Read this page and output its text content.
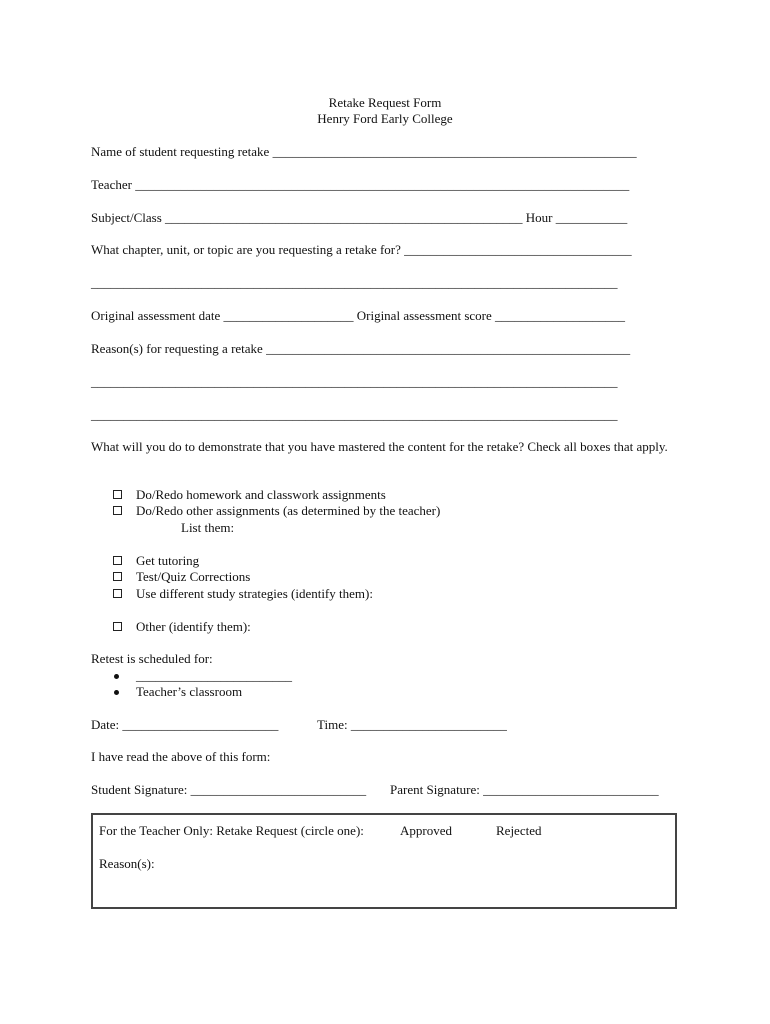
Retake Request Form
Henry Ford Early College
Name of student requesting retake ________________________________________________________
Teacher ____________________________________________________________________________
Subject/Class _______________________________________________________ Hour ___________
What chapter, unit, or topic are you requesting a retake for? ___________________________________
_________________________________________________________________________________
Original assessment date ____________________ Original assessment score ____________________
Reason(s) for requesting a retake ________________________________________________________
_________________________________________________________________________________
_________________________________________________________________________________
What will you do to demonstrate that you have mastered the content for the retake? Check all boxes that apply.
Do/Redo homework and classwork assignments
Do/Redo other assignments (as determined by the teacher)
List them:
Get tutoring
Test/Quiz Corrections
Use different study strategies (identify them):
Other (identify them):
Retest is scheduled for:
________________________
Teacher’s classroom
Date: ________________________	Time: ________________________
I have read the above of this form:
Student Signature: ___________________________ Parent Signature: ___________________________
For the Teacher Only: Retake Request (circle one):	Approved	Rejected
Reason(s):
